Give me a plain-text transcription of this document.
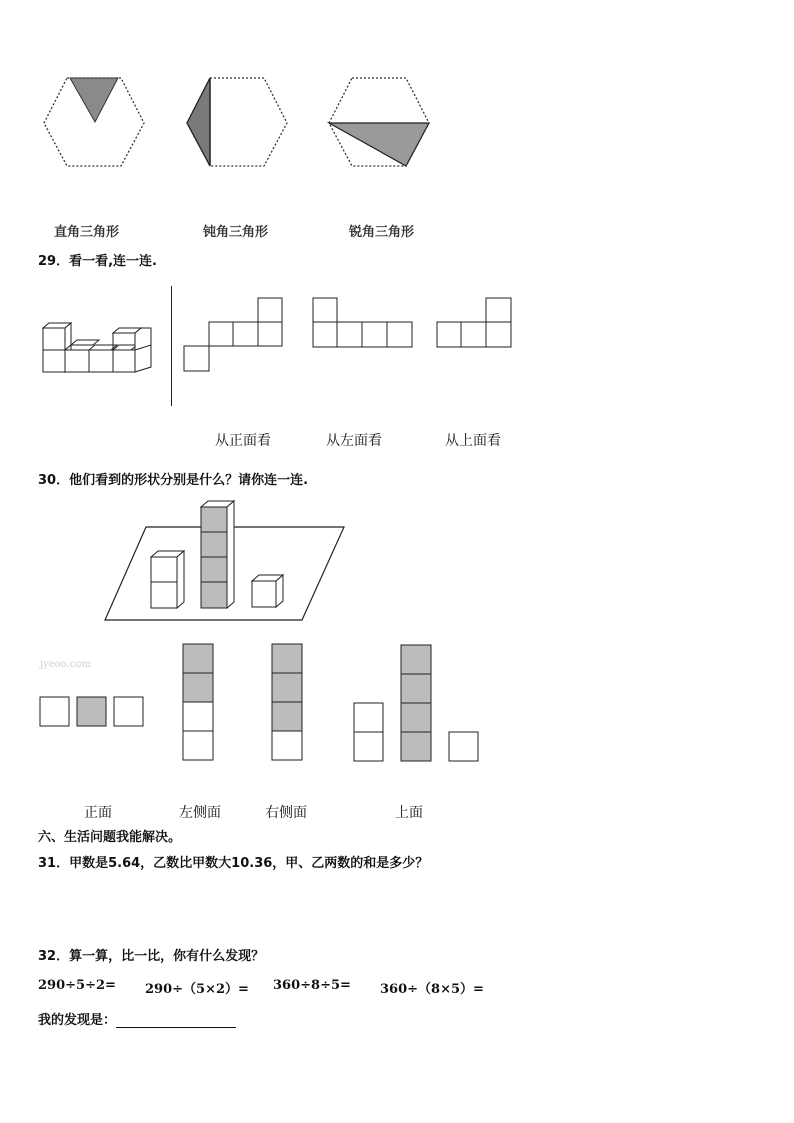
直角三角形	钝角三角形	锐角三角形
29．看一看,连一连.
从正面看	从左面看	从上面看
30．他们看到的形状分别是什么？请你连一连.
jyeoo.com
正面	左侧面	右侧面	上面
六、生活问题我能解决。
31．甲数是5.64，乙数比甲数大10.36，甲、乙两数的和是多少？
32．算一算，比一比，你有什么发现？
290÷5÷2= 290÷（5×2）= 360÷8÷5= 360÷（8×5）=
我的发现是：
